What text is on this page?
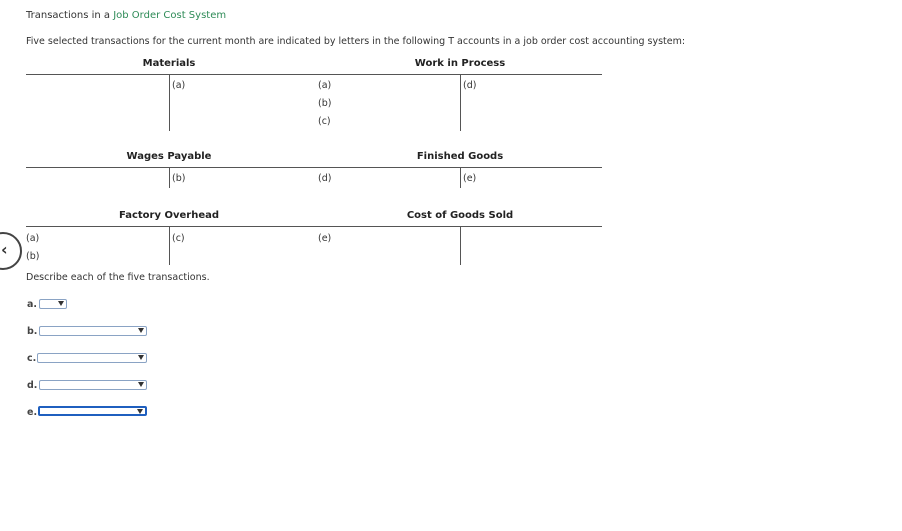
Transactions in a Job Order Cost System
Five selected transactions for the current month are indicated by letters in the following T accounts in a job order cost accounting system:
Materials
(a)
Work in Process
(a)
(b)
(c)
(d)
Wages Payable
(b)
Finished Goods
(d)	(e)
Factory Overhead
(a)
(b)
(c)
Cost of Goods Sold
(e)
‹
Describe each of the five transactions.
a.
b.
c.
d.
e.
